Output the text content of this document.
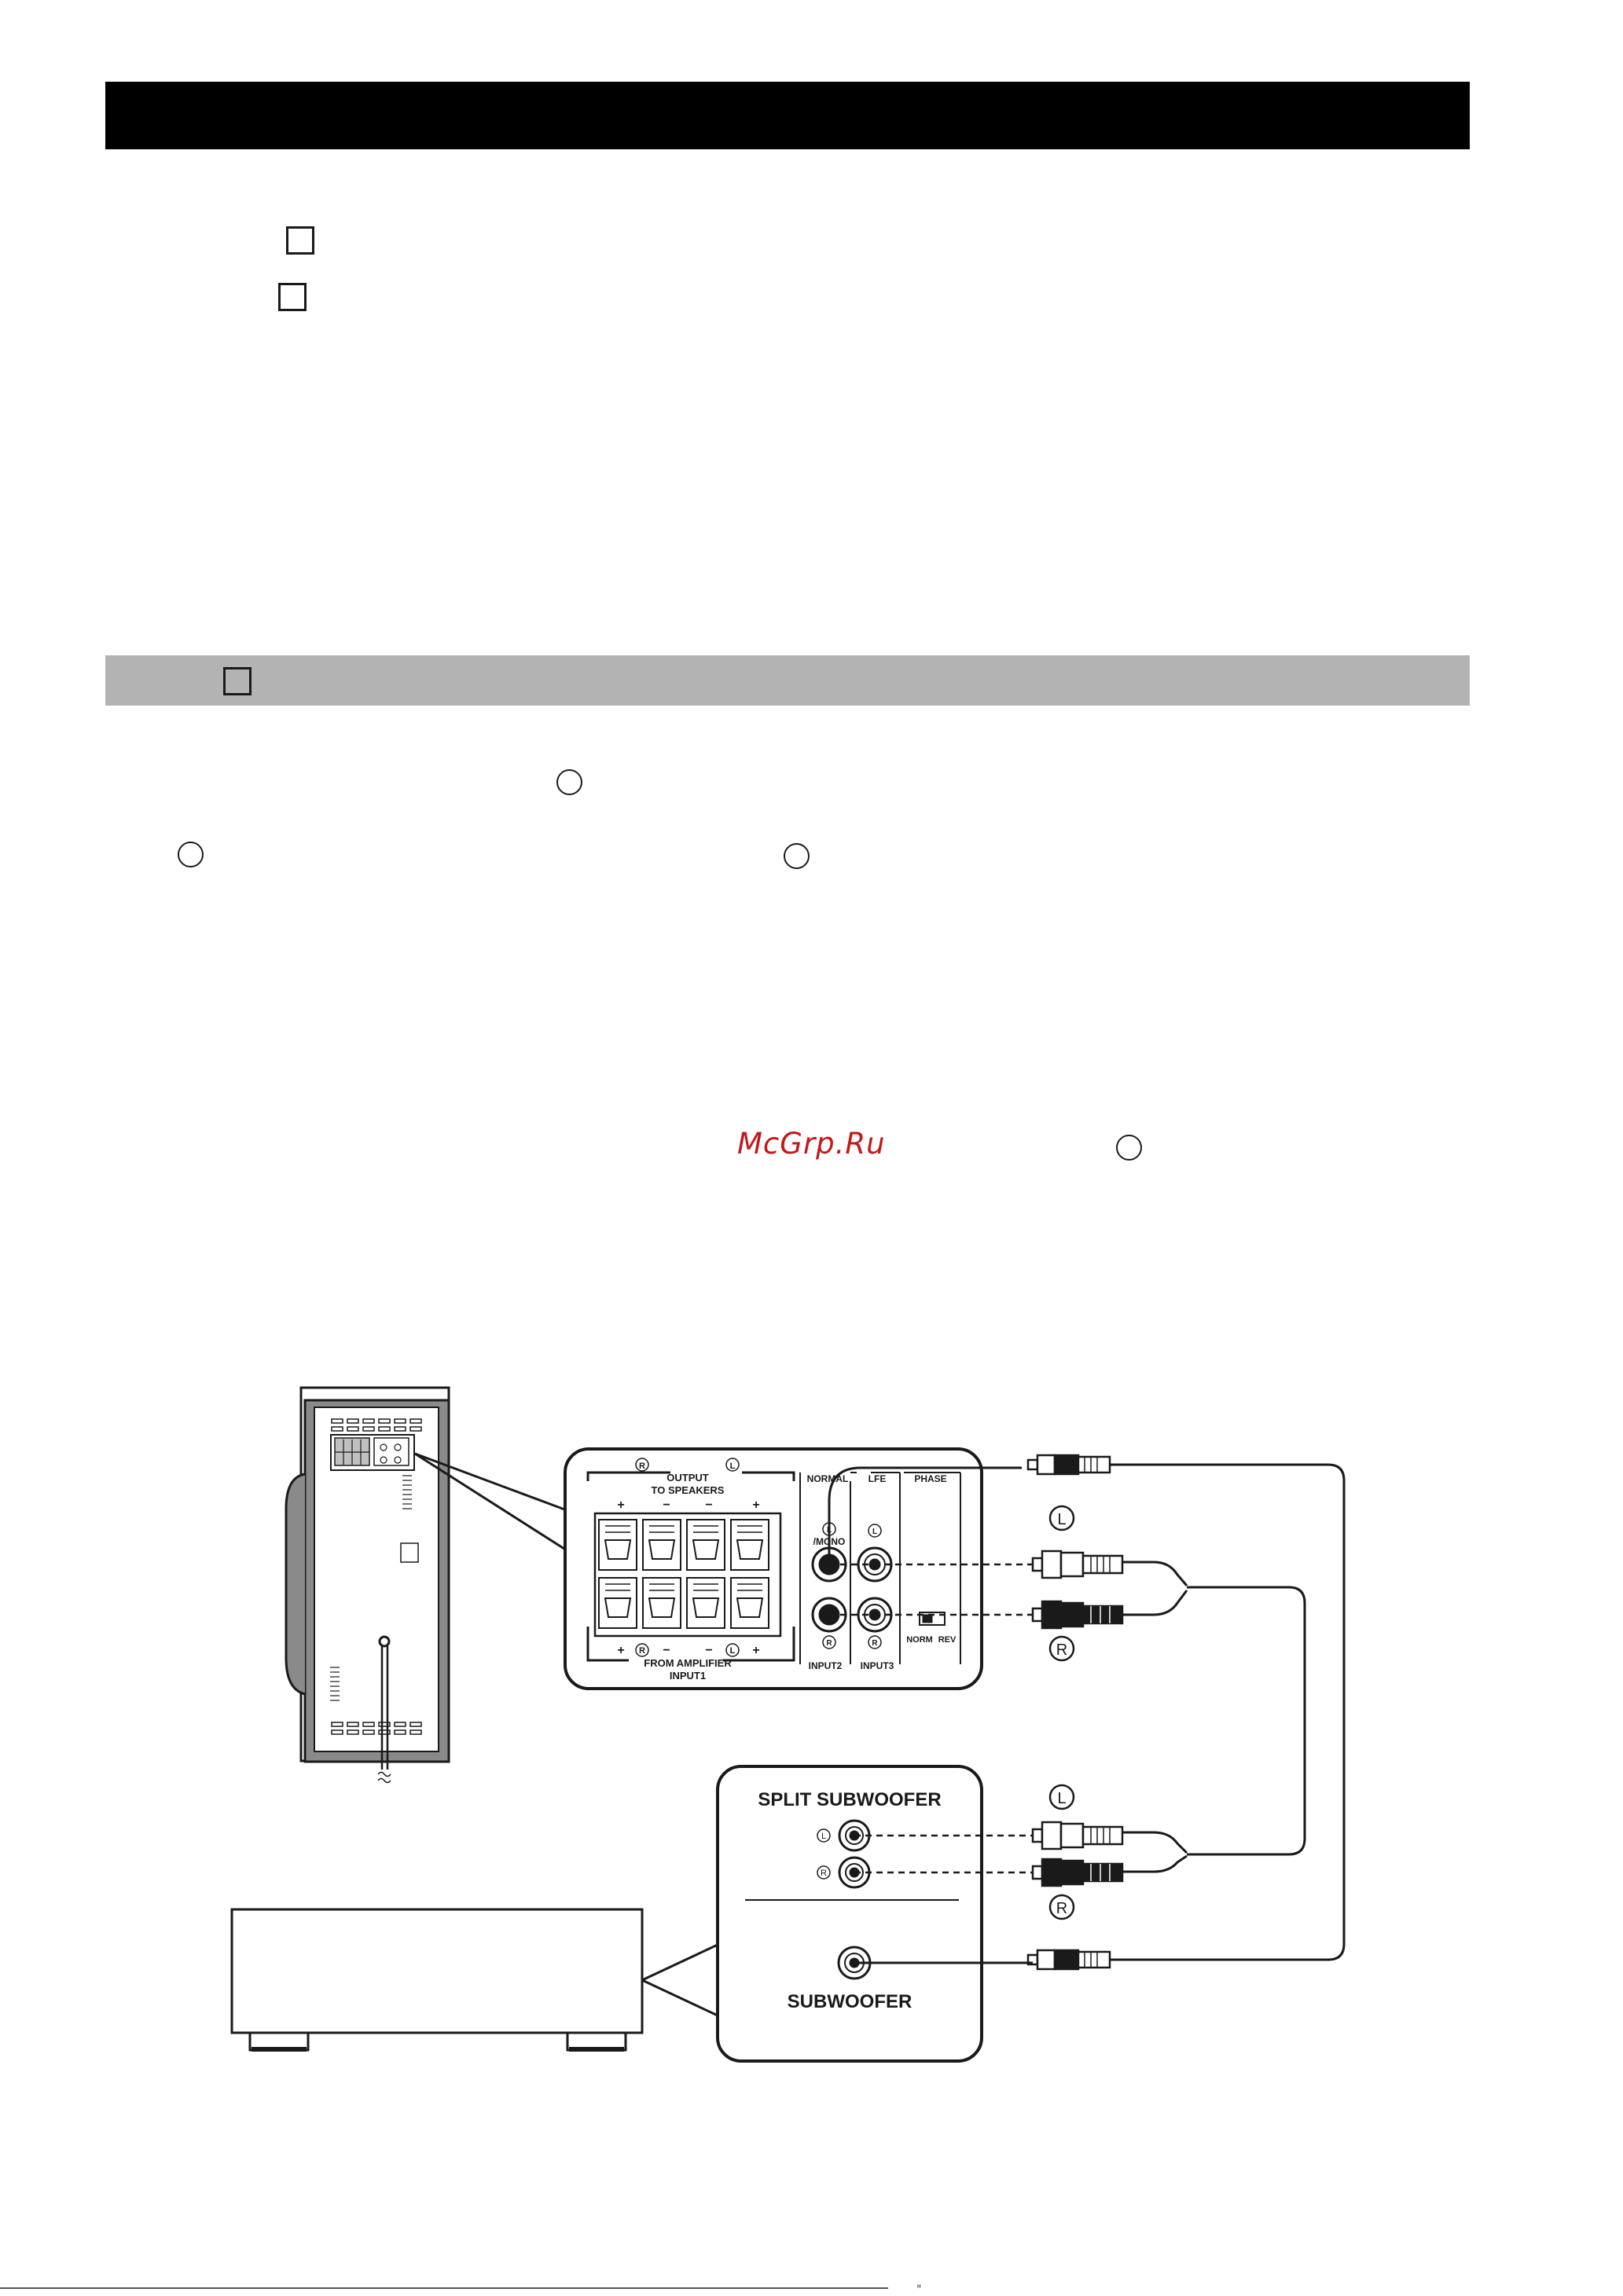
McGrp.Ru
OUTPUT
TO SPEAKERS
+
R
−	−
L
+
+ R −	− L +
FROM AMPLIFIER
INPUT1
NORMAL LFE	PHASE
L
/MONO
L
R	R
INPUT2 INPUT3
NORM REV
L
R
L
R
SPLIT SUBWOOFER
L
R
SUBWOOFER
"
